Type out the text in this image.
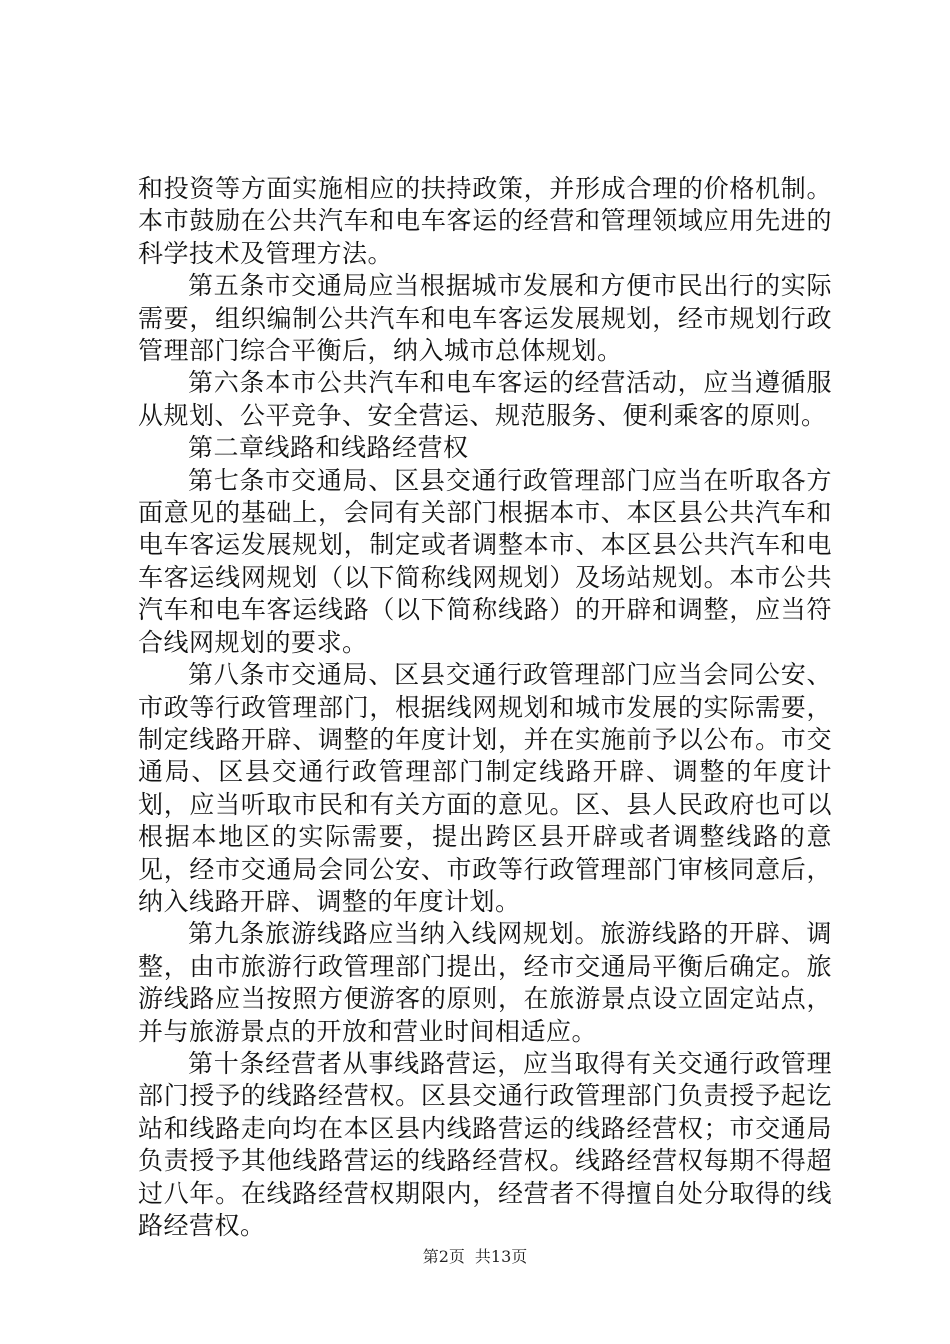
和投资等方面实施相应的扶持政策，并形成合理的价格机制。本市鼓励在公共汽车和电车客运的经营和管理领域应用先进的科学技术及管理方法。

第五条市交通局应当根据城市发展和方便市民出行的实际需要，组织编制公共汽车和电车客运发展规划，经市规划行政管理部门综合平衡后，纳入城市总体规划。

第六条本市公共汽车和电车客运的经营活动，应当遵循服从规划、公平竞争、安全营运、规范服务、便利乘客的原则。

第二章线路和线路经营权

第七条市交通局、区县交通行政管理部门应当在听取各方面意见的基础上，会同有关部门根据本市、本区县公共汽车和电车客运发展规划，制定或者调整本市、本区县公共汽车和电车客运线网规划（以下简称线网规划）及场站规划。本市公共汽车和电车客运线路（以下简称线路）的开辟和调整，应当符合线网规划的要求。

第八条市交通局、区县交通行政管理部门应当会同公安、市政等行政管理部门，根据线网规划和城市发展的实际需要，制定线路开辟、调整的年度计划，并在实施前予以公布。市交通局、区县交通行政管理部门制定线路开辟、调整的年度计划，应当听取市民和有关方面的意见。区、县人民政府也可以根据本地区的实际需要，提出跨区县开辟或者调整线路的意见，经市交通局会同公安、市政等行政管理部门审核同意后，纳入线路开辟、调整的年度计划。

第九条旅游线路应当纳入线网规划。旅游线路的开辟、调整，由市旅游行政管理部门提出，经市交通局平衡后确定。旅游线路应当按照方便游客的原则，在旅游景点设立固定站点，并与旅游景点的开放和营业时间相适应。

第十条经营者从事线路营运，应当取得有关交通行政管理部门授予的线路经营权。区县交通行政管理部门负责授予起讫站和线路走向均在本区县内线路营运的线路经营权；市交通局负责授予其他线路营运的线路经营权。线路经营权每期不得超过八年。在线路经营权期限内，经营者不得擅自处分取得的线路经营权。

第2页 共13页
